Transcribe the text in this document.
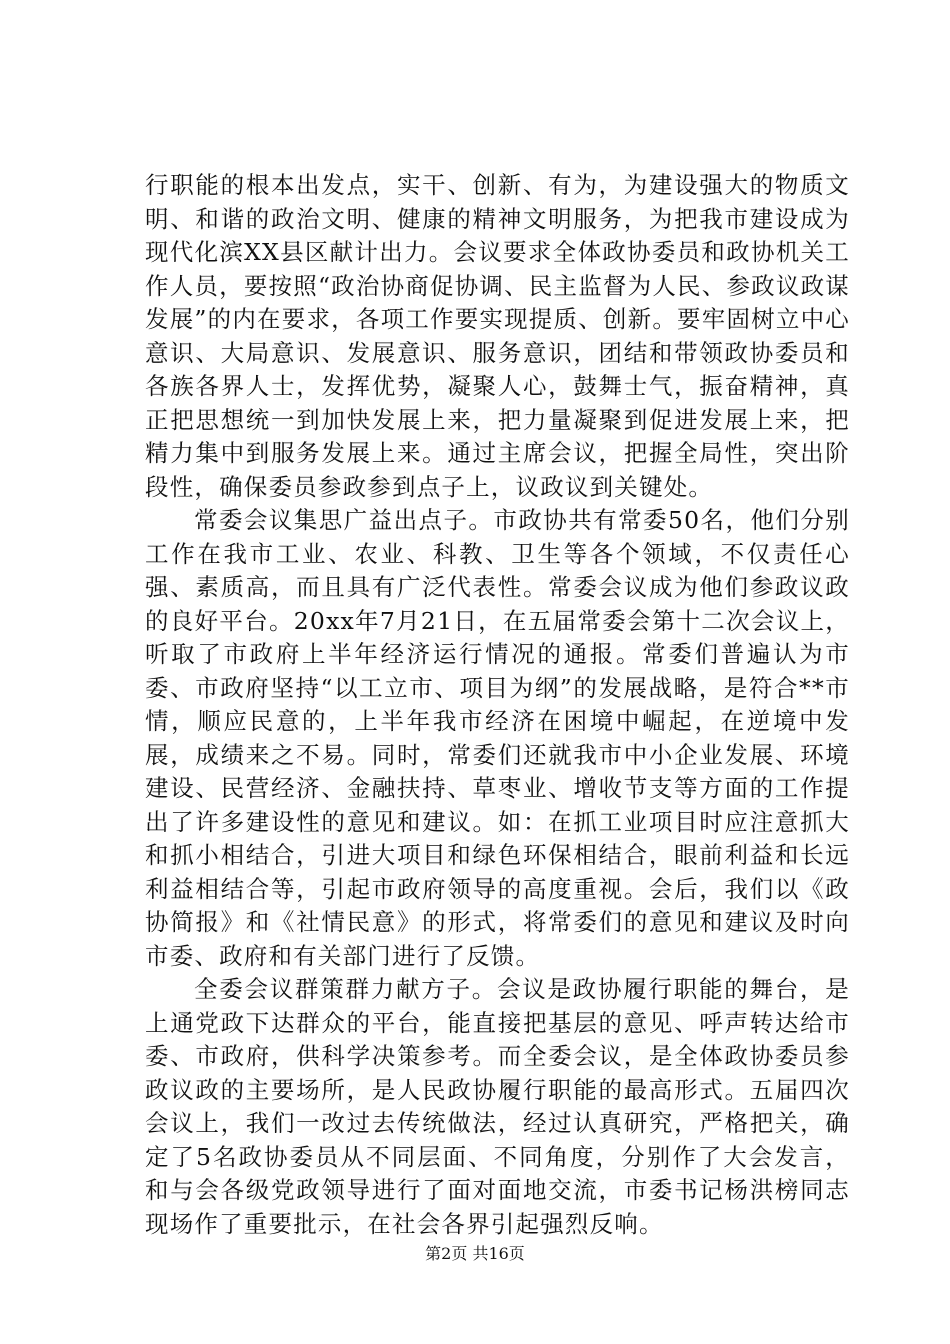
行职能的根本出发点，实干、创新、有为，为建设强大的物质文明、和谐的政治文明、健康的精神文明服务，为把我市建设成为现代化滨XX县区献计出力。会议要求全体政协委员和政协机关工作人员，要按照“政治协商促协调、民主监督为人民、参政议政谋发展”的内在要求，各项工作要实现提质、创新。要牢固树立中心意识、大局意识、发展意识、服务意识，团结和带领政协委员和各族各界人士，发挥优势，凝聚人心，鼓舞士气，振奋精神，真正把思想统一到加快发展上来，把力量凝聚到促进发展上来，把精力集中到服务发展上来。通过主席会议，把握全局性，突出阶段性，确保委员参政参到点子上，议政议到关键处。

常委会议集思广益出点子。市政协共有常委50名，他们分别工作在我市工业、农业、科教、卫生等各个领域，不仅责任心强、素质高，而且具有广泛代表性。常委会议成为他们参政议政的良好平台。20xx年7月21日，在五届常委会第十二次会议上，听取了市政府上半年经济运行情况的通报。常委们普遍认为市委、市政府坚持“以工立市、项目为纲”的发展战略，是符合**市情，顺应民意的，上半年我市经济在困境中崛起，在逆境中发展，成绩来之不易。同时，常委们还就我市中小企业发展、环境建设、民营经济、金融扶持、草枣业、增收节支等方面的工作提出了许多建设性的意见和建议。如：在抓工业项目时应注意抓大和抓小相结合，引进大项目和绿色环保相结合，眼前利益和长远利益相结合等，引起市政府领导的高度重视。会后，我们以《政协简报》和《社情民意》的形式，将常委们的意见和建议及时向市委、政府和有关部门进行了反馈。

全委会议群策群力献方子。会议是政协履行职能的舞台，是上通党政下达群众的平台，能直接把基层的意见、呼声转达给市委、市政府，供科学决策参考。而全委会议，是全体政协委员参政议政的主要场所，是人民政协履行职能的最高形式。五届四次会议上，我们一改过去传统做法，经过认真研究，严格把关，确定了5名政协委员从不同层面、不同角度，分别作了大会发言，和与会各级党政领导进行了面对面地交流，市委书记杨洪榜同志现场作了重要批示，在社会各界引起强烈反响。

第2页 共16页
